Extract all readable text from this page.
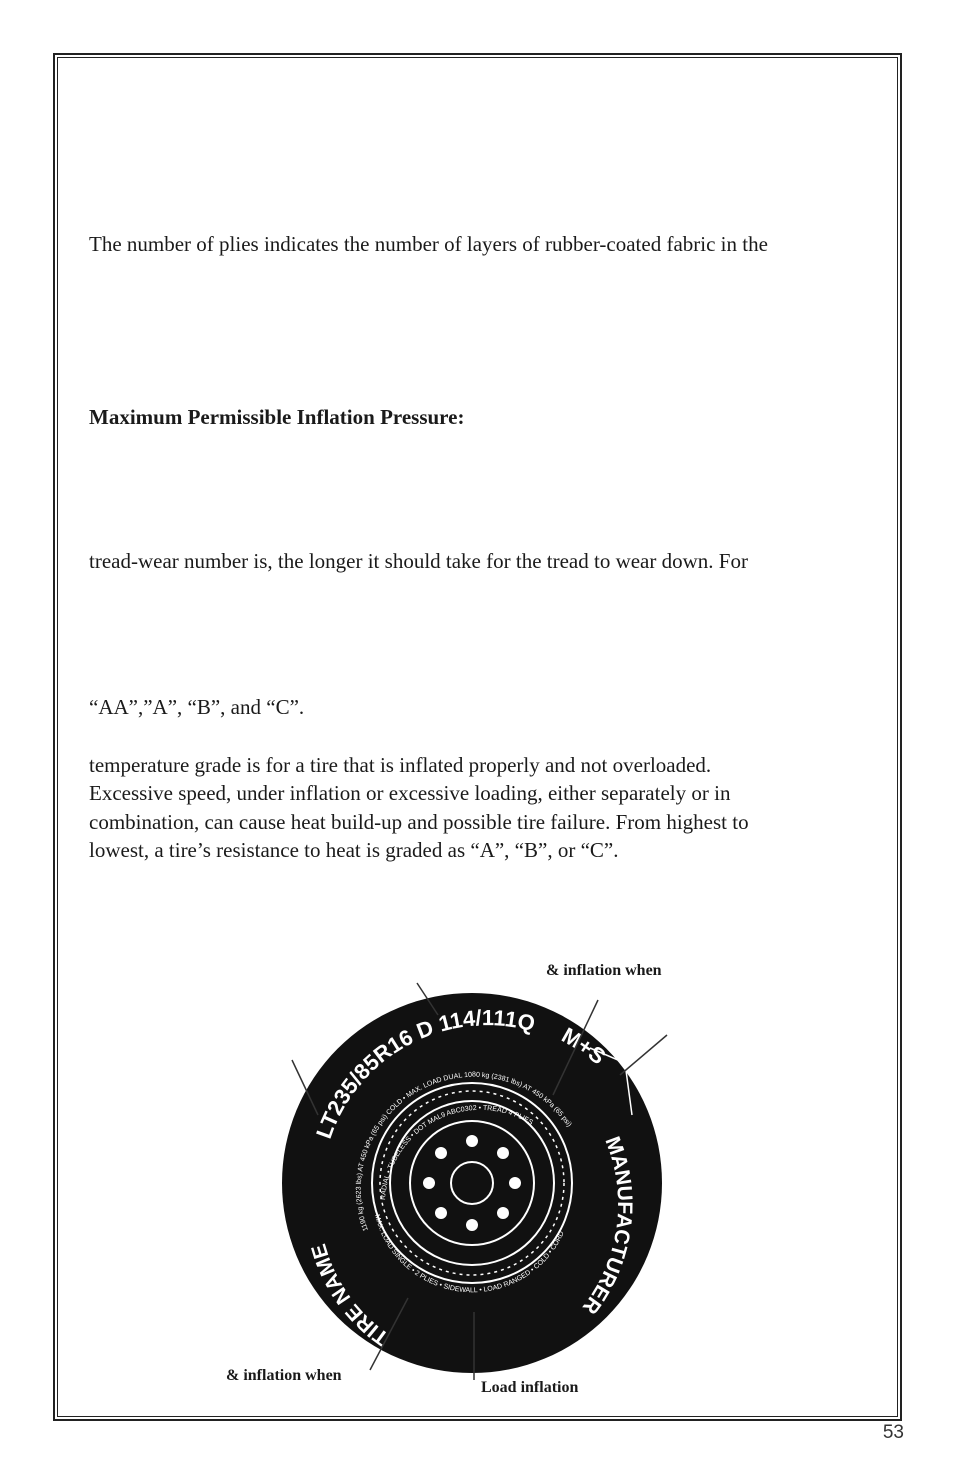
The number of plies indicates the number of layers of rubber-coated fabric in the
Maximum Permissible Inflation Pressure:
tread-wear number is, the longer it should take for the tread to wear down. For
“AA”,”A”, “B”, and “C”.
temperature grade is for a tire that is inflated properly and not overloaded.
Excessive speed, under inflation or excessive loading, either separately or in
combination, can cause heat build-up and possible tire failure. From highest to
lowest, a tire’s resistance to heat is graded as “A”, “B”, or “C”.
LT235/85R16 D 114/111Q
M+S
MANUFACTURER
TIRE NAME
1190 kg (2623 lbs) AT 450 kPa (65 psi) COLD • MAX. LOAD DUAL 1080 kg (2381 lbs) AT 450 kPa (65 psi)
RADIAL • TUBELESS • DOT MAL9 ABC0302 • TREAD 4 PLIES
MAX. LOAD SINGLE • 2 PLIES • SIDEWALL • LOAD RANGED • COLD • CORD
& inflation when
& inflation when
Load inflation
53
